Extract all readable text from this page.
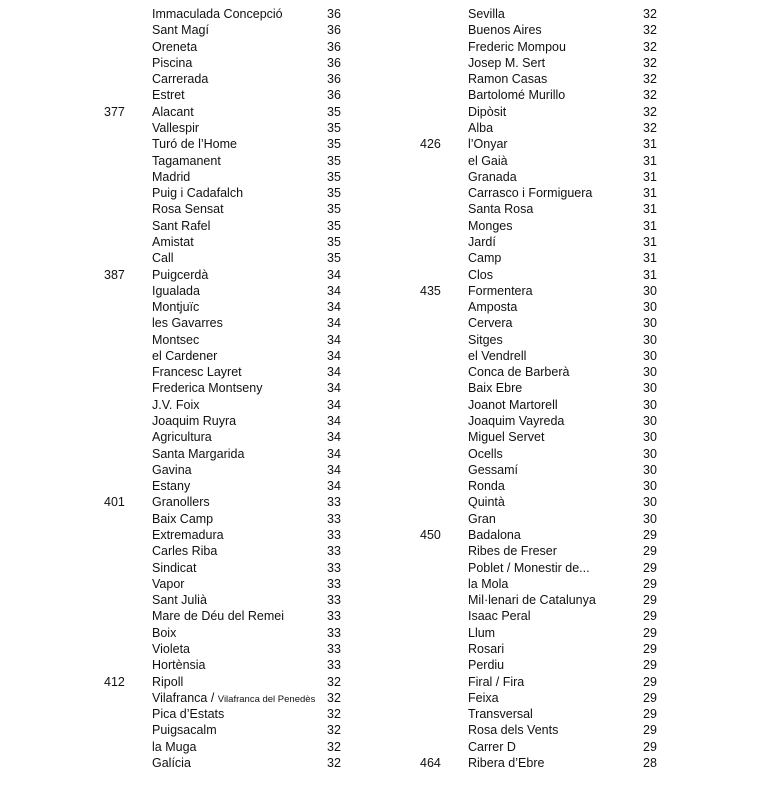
Immaculada Concepció	36
Sant Magí	36
Oreneta	36
Piscina	36
Carrerada	36
Estret	36
377 Alacant	35
Vallespir	35
Turó de l’Home	35
Tagamanent	35
Madrid	35
Puig i Cadafalch	35
Rosa Sensat	35
Sant Rafel	35
Amistat	35
Call	35
387 Puigcerdà	34
Igualada	34
Montjuïc	34
les Gavarres	34
Montsec	34
el Cardener	34
Francesc Layret	34
Frederica Montseny	34
J.V. Foix	34
Joaquim Ruyra	34
Agricultura	34
Santa Margarida	34
Gavina	34
Estany	34
401 Granollers	33
Baix Camp	33
Extremadura	33
Carles Riba	33
Sindicat	33
Vapor	33
Sant Julià	33
Mare de Déu del Remei	33
Boix	33
Violeta	33
Hortènsia	33
412 Ripoll	32
Vilafranca / Vilafranca del Penedès 32
Pica d’Estats	32
Puigsacalm	32
la Muga	32
Galícia	32
Sevilla	32
Buenos Aires	32
Frederic Mompou	32
Josep M. Sert	32
Ramon Casas	32
Bartolomé Murillo	32
Dipòsit	32
Alba	32
426 l’Onyar	31
el Gaià	31
Granada	31
Carrasco i Formiguera	31
Santa Rosa	31
Monges	31
Jardí	31
Camp	31
Clos	31
435 Formentera	30
Amposta	30
Cervera	30
Sitges	30
el Vendrell	30
Conca de Barberà	30
Baix Ebre	30
Joanot Martorell	30
Joaquim Vayreda	30
Miguel Servet	30
Ocells	30
Gessamí	30
Ronda	30
Quintà	30
Gran	30
450 Badalona	29
Ribes de Freser	29
Poblet / Monestir de...	29
la Mola	29
Mil·lenari de Catalunya	29
Isaac Peral	29
Llum	29
Rosari	29
Perdiu	29
Firal / Fira	29
Feixa	29
Transversal	29
Rosa dels Vents	29
Carrer D	29
464 Ribera d’Ebre	28
